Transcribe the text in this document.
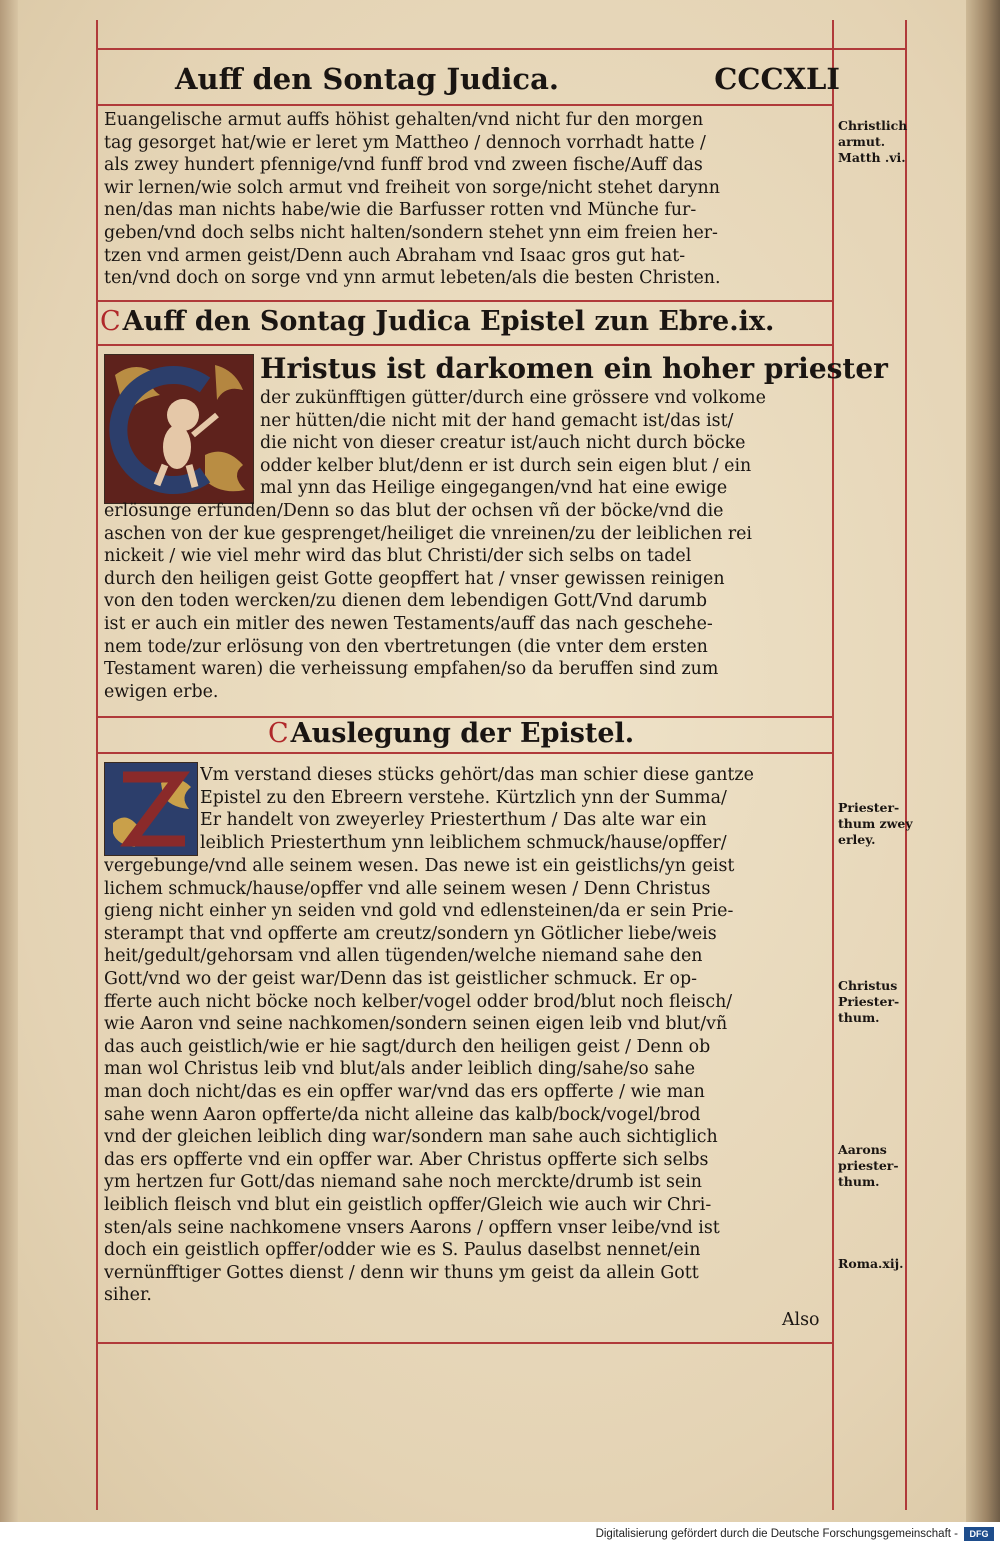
Auff den Sontag Judica.	CCCXLI
Euangelische armut auffs höhist gehalten/vnd nicht fur den morgen
tag gesorget hat/wie er leret ym Mattheo / dennoch vorrhadt hatte /
als zwey hundert pfennige/vnd funff brod vnd zween fische/Auff das
wir lernen/wie solch armut vnd freiheit von sorge/nicht stehet darynn
nen/das man nichts habe/wie die Barfusser rotten vnd Münche fur-
geben/vnd doch selbs nicht halten/sondern stehet ynn eim freien her-
tzen vnd armen geist/Denn auch Abraham vnd Isaac gros gut hat-
ten/vnd doch on sorge vnd ynn armut lebeten/als die besten Christen.
CAuff den Sontag Judica Epistel zun Ebre.ix.
Hristus ist darkomen ein hoher priester
der zukünfftigen gütter/durch eine grössere vnd volkome
ner hütten/die nicht mit der hand gemacht ist/das ist/
die nicht von dieser creatur ist/auch nicht durch böcke
odder kelber blut/denn er ist durch sein eigen blut / ein
mal ynn das Heilige eingegangen/vnd hat eine ewige
erlösunge erfunden/Denn so das blut der ochsen vñ der böcke/vnd die
aschen von der kue gesprenget/heiliget die vnreinen/zu der leiblichen rei
nickeit / wie viel mehr wird das blut Christi/der sich selbs on tadel
durch den heiligen geist Gotte geopffert hat / vnser gewissen reinigen
von den toden wercken/zu dienen dem lebendigen Gott/Vnd darumb
ist er auch ein mitler des newen Testaments/auff das nach geschehe-
nem tode/zur erlösung von den vbertretungen (die vnter dem ersten
Testament waren) die verheissung empfahen/so da beruffen sind zum
ewigen erbe.
CAuslegung der Epistel.
Vm verstand dieses stücks gehört/das man schier diese gantze
Epistel zu den Ebreern verstehe. Kürtzlich ynn der Summa/
Er handelt von zweyerley Priesterthum / Das alte war ein
leiblich Priesterthum ynn leiblichem schmuck/hause/opffer/
vergebunge/vnd alle seinem wesen. Das newe ist ein geistlichs/yn geist
lichem schmuck/hause/opffer vnd alle seinem wesen / Denn Christus
gieng nicht einher yn seiden vnd gold vnd edlensteinen/da er sein Prie-
sterampt that vnd opfferte am creutz/sondern yn Götlicher liebe/weis
heit/gedult/gehorsam vnd allen tügenden/welche niemand sahe den
Gott/vnd wo der geist war/Denn das ist geistlicher schmuck. Er op-
fferte auch nicht böcke noch kelber/vogel odder brod/blut noch fleisch/
wie Aaron vnd seine nachkomen/sondern seinen eigen leib vnd blut/vñ
das auch geistlich/wie er hie sagt/durch den heiligen geist / Denn ob
man wol Christus leib vnd blut/als ander leiblich ding/sahe/so sahe
man doch nicht/das es ein opffer war/vnd das ers opfferte / wie man
sahe wenn Aaron opfferte/da nicht alleine das kalb/bock/vogel/brod
vnd der gleichen leiblich ding war/sondern man sahe auch sichtiglich
das ers opfferte vnd ein opffer war. Aber Christus opfferte sich selbs
ym hertzen fur Gott/das niemand sahe noch merckte/drumb ist sein
leiblich fleisch vnd blut ein geistlich opffer/Gleich wie auch wir Chri-
sten/als seine nachkomene vnsers Aarons / opffern vnser leibe/vnd ist
doch ein geistlich opffer/odder wie es S. Paulus daselbst nennet/ein
vernünfftiger Gottes dienst / denn wir thuns ym geist da allein Gott
siher.
Also
Christlich
armut.
Matth .vi.
Priester-
thum zwey
erley.
Christus
Priester-
thum.
Aarons
priester-
thum.
Roma.xij.
Digitalisierung gefördert durch die Deutsche Forschungsgemeinschaft -	DFG
